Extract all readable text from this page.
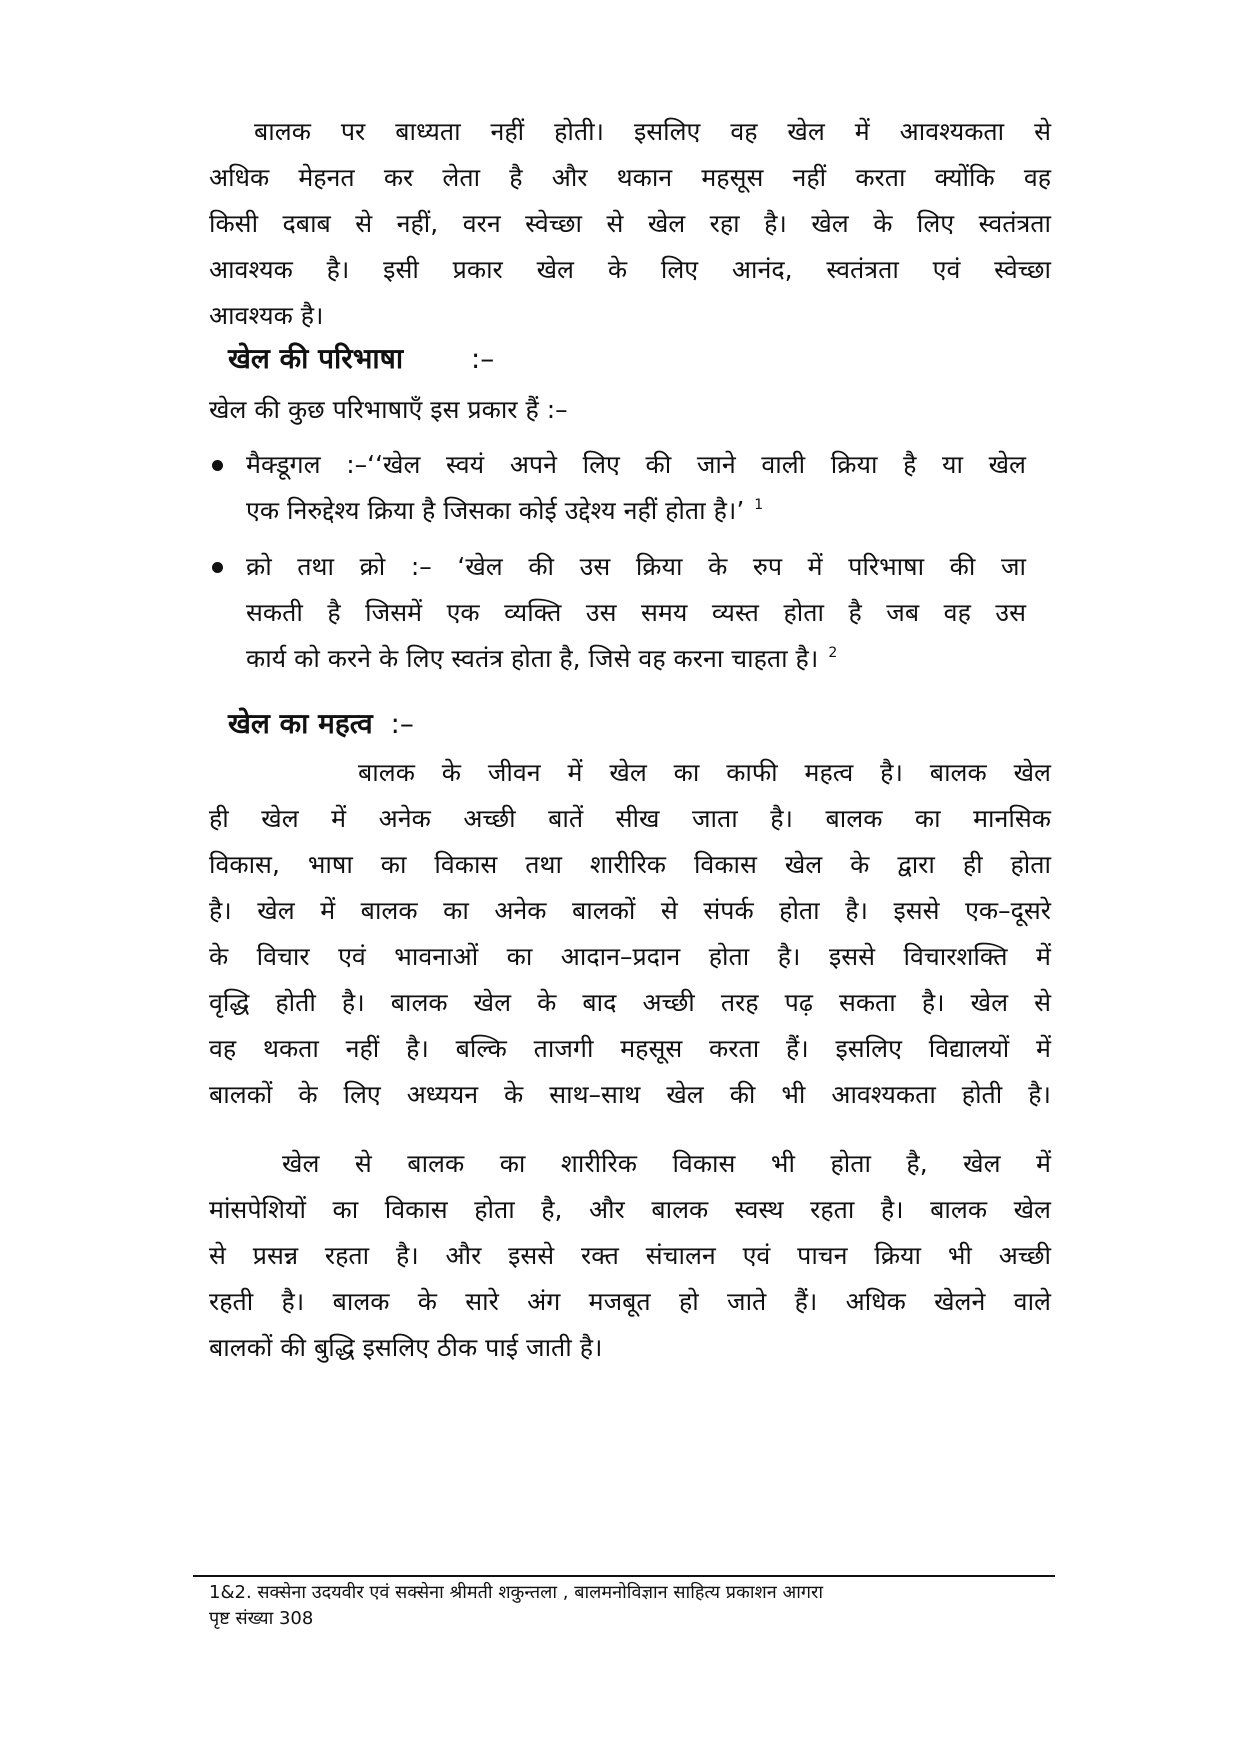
बालक पर बाध्यता नहीं होती। इसलिए वह खेल में आवश्यकता से
अधिक मेहनत कर लेता है और थकान महसूस नहीं करता क्योंकि वह
किसी दबाब से नहीं, वरन स्वेच्छा से खेल रहा है। खेल के लिए स्वतंत्रता
आवश्यक है। इसी प्रकार खेल के लिए आनंद, स्वतंत्रता एवं स्वेच्छा
आवश्यक है।
खेल की परिभाषा :–
खेल की कुछ परिभाषाएँ इस प्रकार हैं :–
मैक्डूगल :–‘‘खेल स्वयं अपने लिए की जाने वाली क्रिया है या खेल
एक निरुद्देश्य क्रिया है जिसका कोई उद्देश्य नहीं होता है।’ $^1$
क्रो तथा क्रो :– ‘खेल की उस क्रिया के रुप में परिभाषा की जा
सकती है जिसमें एक व्यक्ति उस समय व्यस्त होता है जब वह उस
कार्य को करने के लिए स्वतंत्र होता है, जिसे वह करना चाहता है। $^2$
खेल का महत्व :–
बालक के जीवन में खेल का काफी महत्व है। बालक खेल
ही खेल में अनेक अच्छी बातें सीख जाता है। बालक का मानसिक
विकास, भाषा का विकास तथा शारीरिक विकास खेल के द्वारा ही होता
है। खेल में बालक का अनेक बालकों से संपर्क होता है। इससे एक–दूसरे
के विचार एवं भावनाओं का आदान–प्रदान होता है। इससे विचारशक्ति में
वृद्धि होती है। बालक खेल के बाद अच्छी तरह पढ़ सकता है। खेल से
वह थकता नहीं है। बल्कि ताजगी महसूस करता हैं। इसलिए विद्यालयों में
बालकों के लिए अध्ययन के साथ–साथ खेल की भी आवश्यकता होती है।
खेल से बालक का शारीरिक विकास भी होता है, खेल में
मांसपेशियों का विकास होता है, और बालक स्वस्थ रहता है। बालक खेल
से प्रसन्न रहता है। और इससे रक्त संचालन एवं पाचन क्रिया भी अच्छी
रहती है। बालक के सारे अंग मजबूत हो जाते हैं। अधिक खेलने वाले
बालकों की बुद्धि इसलिए ठीक पाई जाती है।
1&2. सक्सेना उदयवीर एवं सक्सेना श्रीमती शकुन्तला , बालमनोविज्ञान साहित्य प्रकाशन आगरा
पृष्ट संख्या 308
